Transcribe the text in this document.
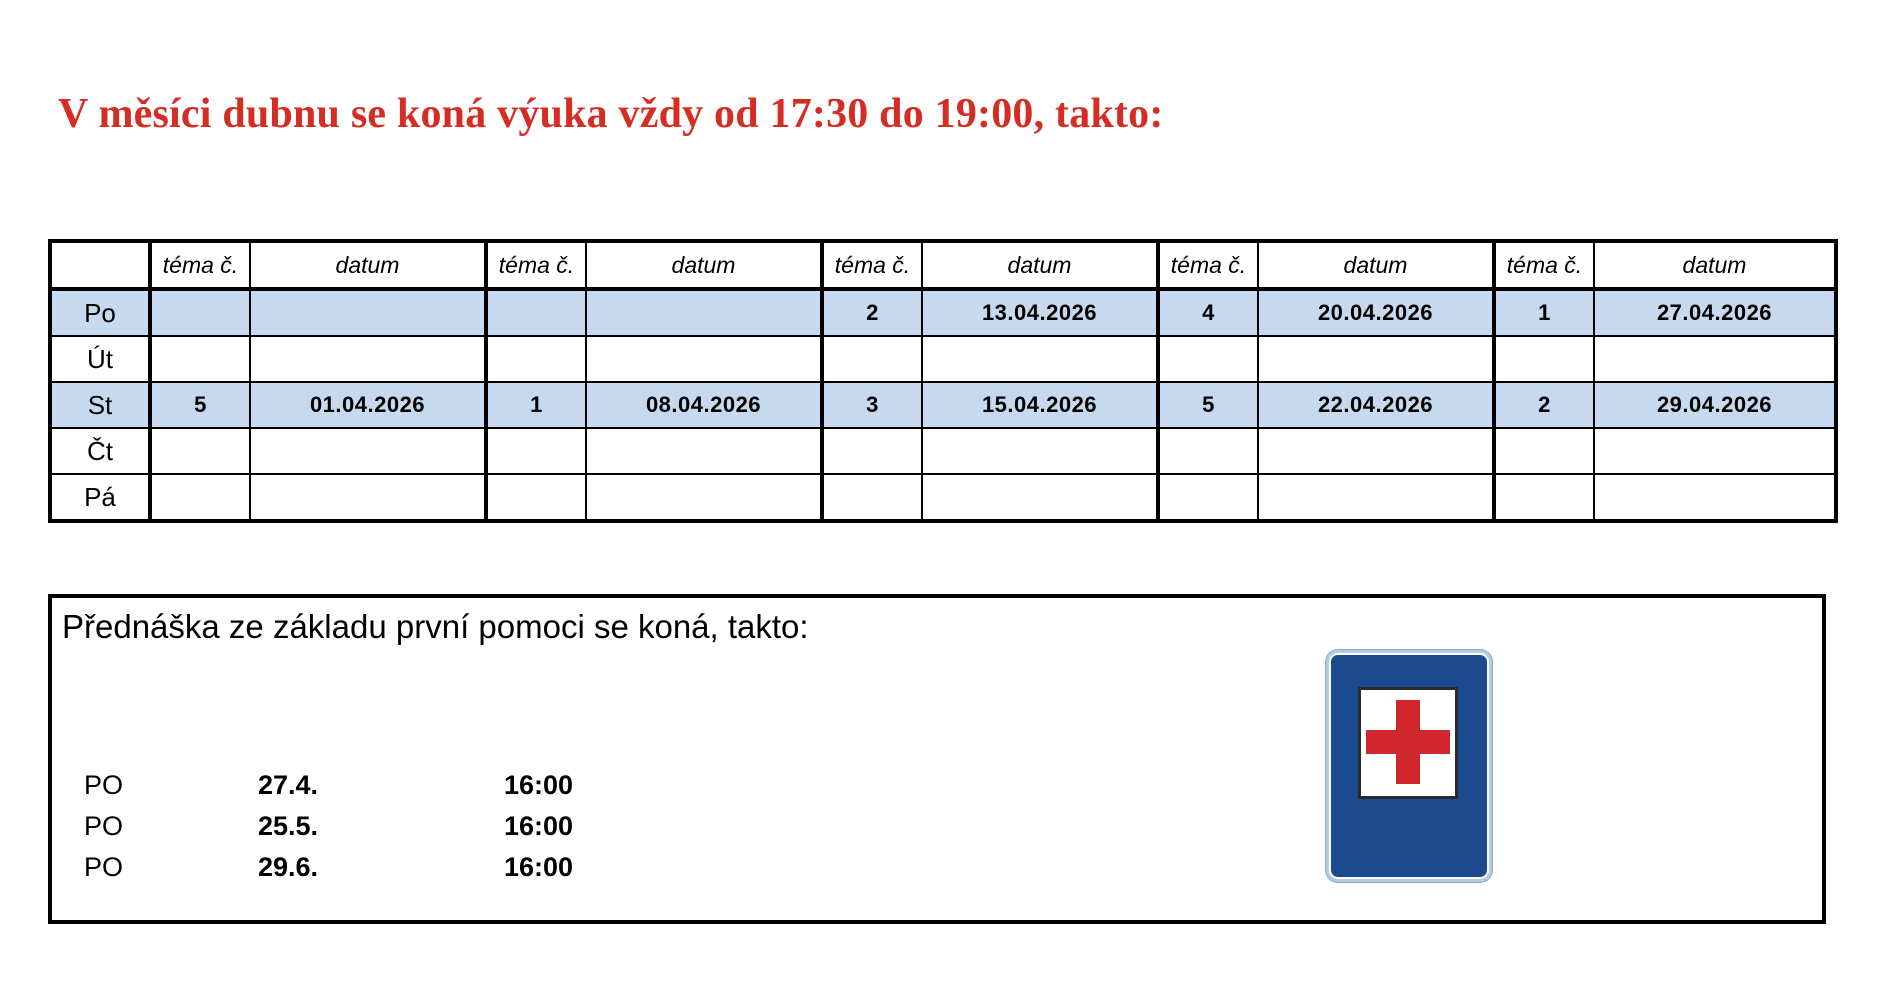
V měsíci dubnu se koná výuka vždy od 17:30 do 19:00, takto:
	téma č.	datum	téma č.	datum	téma č.	datum	téma č.	datum	téma č.	datum
Po					2	13.04.2026	4	20.04.2026	1	27.04.2026
Út										
St	5	01.04.2026	1	08.04.2026	3	15.04.2026	5	22.04.2026	2	29.04.2026
Čt										
Pá										

Přednáška ze základu první pomoci se koná, takto:

PO	27.4.	16:00
PO	25.5.	16:00
PO	29.6.	16:00
